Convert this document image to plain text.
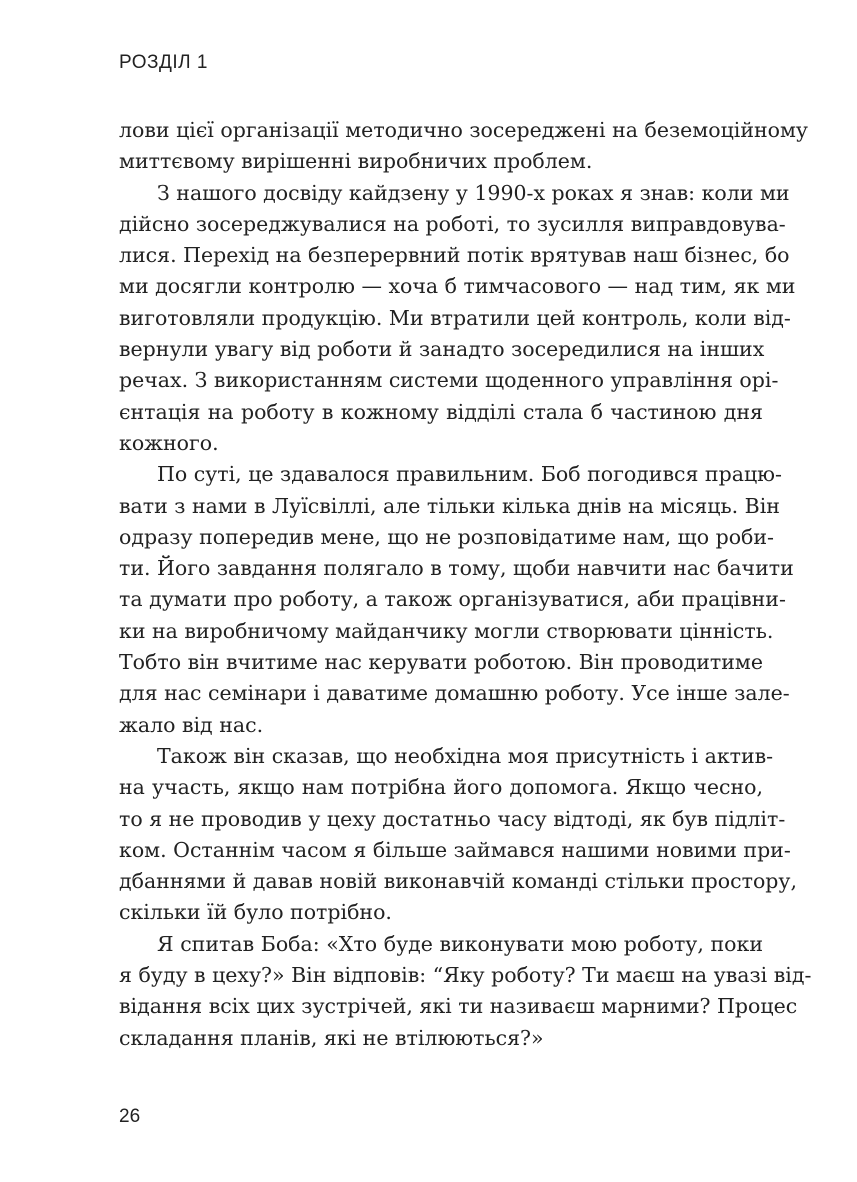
РОЗДІЛ 1

лови цієї організації методично зосереджені на беземоційному
миттєвому вирішенні виробничих проблем.

З нашого досвіду кайдзену у 1990-х роках я знав: коли ми
дійсно зосереджувалися на роботі, то зусилля виправдовува-
лися. Перехід на безперервний потік врятував наш бізнес, бо
ми досягли контролю — хоча б тимчасового — над тим, як ми
виготовляли продукцію. Ми втратили цей контроль, коли від-
вернули увагу від роботи й занадто зосередилися на інших
речах. З використанням системи щоденного управління орі-
єнтація на роботу в кожному відділі стала б частиною дня
кожного.

По суті, це здавалося правильним. Боб погодився працю-
вати з нами в Луїсвіллі, але тільки кілька днів на місяць. Він
одразу попередив мене, що не розповідатиме нам, що роби-
ти. Його завдання полягало в тому, щоби навчити нас бачити
та думати про роботу, а також організуватися, аби працівни-
ки на виробничому майданчику могли створювати цінність.
Тобто він вчитиме нас керувати роботою. Він проводитиме
для нас семінари і даватиме домашню роботу. Усе інше зале-
жало від нас.

Також він сказав, що необхідна моя присутність і актив-
на участь, якщо нам потрібна його допомога. Якщо чесно,
то я не проводив у цеху достатньо часу відтоді, як був підліт-
ком. Останнім часом я більше займався нашими новими при-
дбаннями й давав новій виконавчій команді стільки простору,
скільки їй було потрібно.

Я спитав Боба: «Хто буде виконувати мою роботу, поки
я буду в цеху?» Він відповів: “Яку роботу? Ти маєш на увазі від-
відання всіх цих зустрічей, які ти називаєш марними? Процес
складання планів, які не втілюються?»

26
